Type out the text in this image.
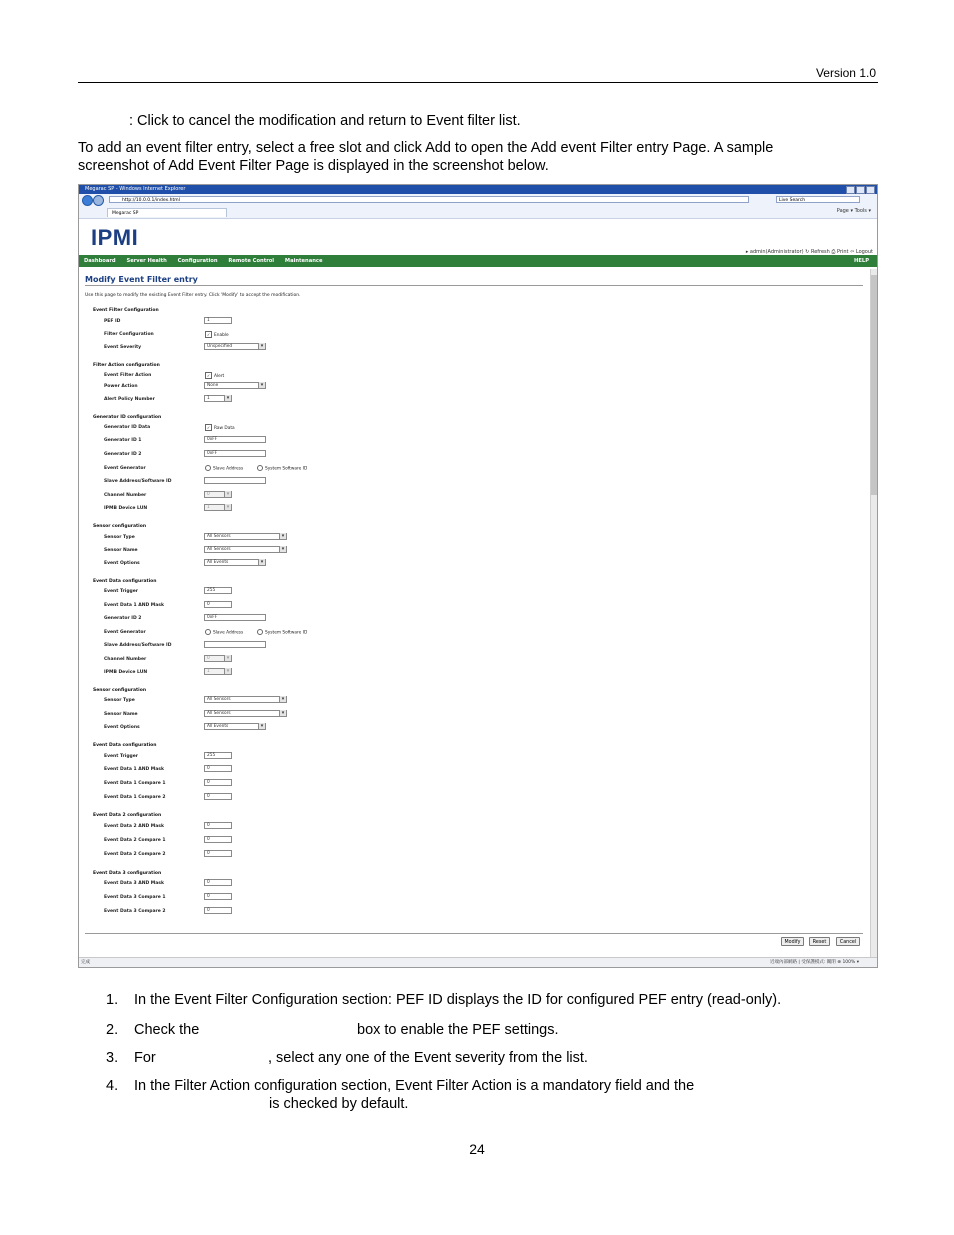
Version 1.0
: Click to cancel the modification and return to Event filter list.
To add an event filter entry, select a free slot and click Add to open the Add event Filter entry Page. A sample
screenshot of Add Event Filter Page is displayed in the screenshot below.
Megarac SP - Windows Internet Explorer
http://10.0.0.1/index.html	Live Search
Megarac SP	Page ▾ Tools ▾
IPMI
▸ admin(Administrator) ↻ Refresh ⎙ Print ⇦ Logout
Dashboard Server Health Configuration Remote Control Maintenance	HELP
Modify Event Filter entry
Use this page to modify the existing Event Filter entry. Click 'Modify' to accept the modification.
Event Filter Configuration
PEF ID	1
Filter Configuration	✓ Enable
Event Severity	Unspecified ▾
Filter Action configuration
Event Filter Action	✓ Alert
Power Action	None ▾
Alert Policy Number	1 ▾
Generator ID configuration
Generator ID Data	✓ Raw Data
Generator ID 1	0xFF
Generator ID 2	0xFF
Event Generator	Slave Address	System Software ID
Slave Address/Software ID
Channel Number	0 ▾
IPMB Device LUN	1 ▾
Sensor configuration
Sensor Type	All Sensors ▾
Sensor Name	All Sensors ▾
Event Options	All Events ▾
Event Data configuration
Event Trigger	255
Event Data 1 AND Mask	0
Generator ID 2	0xFF
Event Generator	Slave Address	System Software ID
Slave Address/Software ID
Channel Number	0 ▾
IPMB Device LUN	1 ▾
Sensor configuration
Sensor Type	All Sensors ▾
Sensor Name	All Sensors ▾
Event Options	All Events ▾
Event Data configuration
Event Trigger	255
Event Data 1 AND Mask	0
Event Data 1 Compare 1	0
Event Data 1 Compare 2	0
Event Data 2 configuration
Event Data 2 AND Mask	0
Event Data 2 Compare 1	0
Event Data 2 Compare 2	0
Event Data 3 configuration
Event Data 3 AND Mask	0
Event Data 3 Compare 1	0
Event Data 3 Compare 2	0
Modify	Reset	Cancel
完成	近端內部網路 | 受保護模式: 關閉 ⊕ 100% ▾
1. In the Event Filter Configuration section: PEF ID displays the ID for configured PEF entry (read-only).
2. Check the	box to enable the PEF settings.
3. For	, select any one of the Event severity from the list.
4. In the Filter Action configuration section, Event Filter Action is a mandatory field and the
is checked by default.
24
